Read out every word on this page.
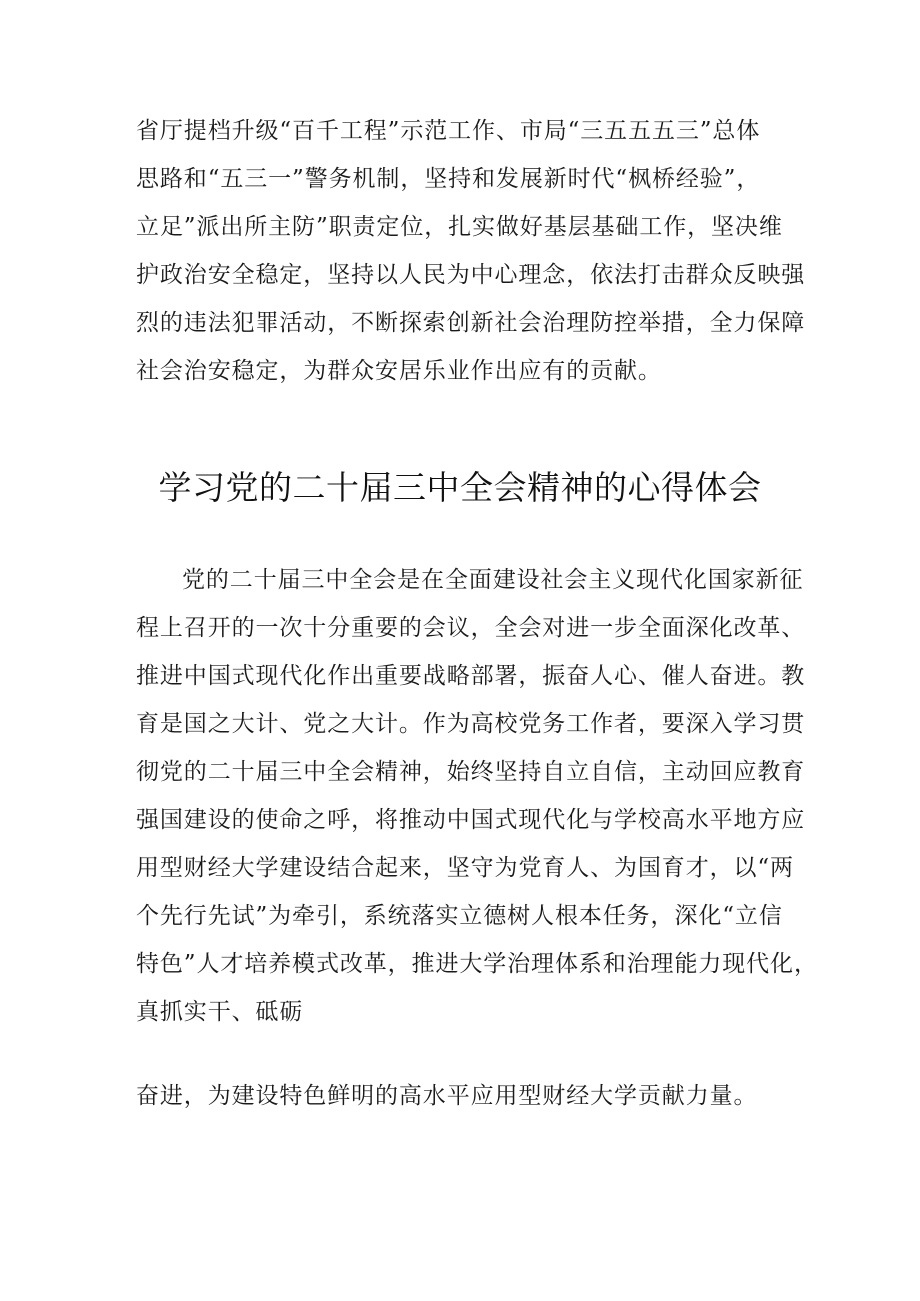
省厅提档升级“百千工程”示范工作、市局“三五五五三”总体
思路和“五三一”警务机制，坚持和发展新时代“枫桥经验”，
立足”派出所主防”职责定位，扎实做好基层基础工作，坚决维
护政治安全稳定，坚持以人民为中心理念，依法打击群众反映强
烈的违法犯罪活动，不断探索创新社会治理防控举措，全力保障
社会治安稳定，为群众安居乐业作出应有的贡献。
学习党的二十届三中全会精神的心得体会
党的二十届三中全会是在全面建设社会主义现代化国家新征
程上召开的一次十分重要的会议，全会对进一步全面深化改革、
推进中国式现代化作出重要战略部署，振奋人心、催人奋进。教
育是国之大计、党之大计。作为高校党务工作者，要深入学习贯
彻党的二十届三中全会精神，始终坚持自立自信，主动回应教育
强国建设的使命之呼，将推动中国式现代化与学校高水平地方应
用型财经大学建设结合起来，坚守为党育人、为国育才，以“两
个先行先试”为牵引，系统落实立德树人根本任务，深化“立信
特色”人才培养模式改革，推进大学治理体系和治理能力现代化，
真抓实干、砥砺
奋进，为建设特色鲜明的高水平应用型财经大学贡献力量。
